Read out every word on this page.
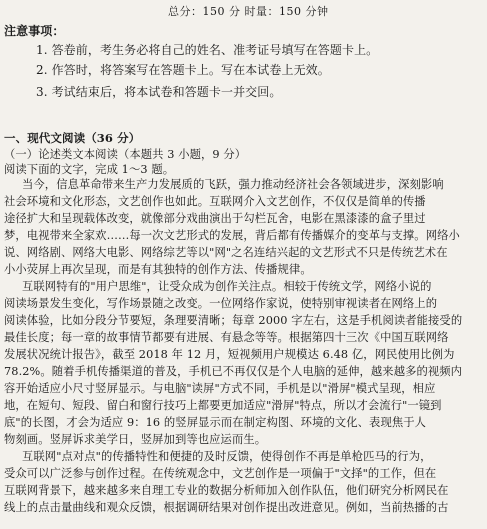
总分：150 分 时量：150 分钟
注意事项：
1. 答卷前，考生务必将自己的姓名、准考证号填写在答题卡上。
2. 作答时，将答案写在答题卡上。写在本试卷上无效。
3. 考试结束后，将本试卷和答题卡一并交回。
一、现代文阅读（36 分）
（一）论述类文本阅读（本题共 3 小题，9 分）
阅读下面的文字，完成 1～3 题。
当今，信息革命带来生产力发展质的飞跃，强力推动经济社会各领域进步，深刻影响
社会环境和文化形态，文艺创作也如此。互联网介入文艺创作，不仅仅是简单的传播
途径扩大和呈现载体改变，就像部分戏曲演出于勾栏瓦舍，电影在黑漆漆的盒子里过
梦，电视带来全家欢……每一次文艺形式的发展，背后都有传播媒介的变革与支撑。网络小
说、网络剧、网络大电影、网络综艺等以"网"之名连结兴起的文艺形式不只是传统艺术在
小小荧屏上再次呈现，而是有其独特的创作方法、传播规律。
互联网特有的"用户思维"，让受众成为创作关注点。相较于传统文学，网络小说的
阅读场景发生变化，写作场景随之改变。一位网络作家说，使特别审视读者在网络上的
阅读体验，比如分段分节要短，条理要清晰；每章 2000 字左右，这是手机阅读者能接受的
最佳长度；每一章的故事情节都要有进展、有悬念等等。根据第四十三次《中国互联网络
发展状况统计报告》，截至 2018 年 12 月，短视频用户规模达 6.48 亿，网民使用比例为
78.2%。随着手机传播渠道的普及，手机已不再仅仅是个人电脑的延伸，越来越多的视频内
容开始适应小尺寸竖屏显示。与电脑"读屏"方式不同，手机是以"滑屏"模式呈现，相应
地，在短句、短段、留白和窗行技巧上都要更加适应"滑屏"特点，所以才会流行"一镜到
底"的长图，才会为适应 9：16 的竖屏显示而在制定构图、环境的文化、表现焦于人
物刻画。竖屏诉求美学日，竖屏加到等也应运而生。
互联网"点对点"的传播特性和便捷的及时反馈，使得创作不再是单枪匹马的行为，
受众可以广泛参与创作过程。在传统观念中，文艺创作是一项偏于"文择"的工作，但在
互联网背景下，越来越多来自理工专业的数据分析师加入创作队伍，他们研究分析网民在
线上的点击量曲线和观众反馈，根据调研结果对创作提出改进意见。例如，当前热播的古
